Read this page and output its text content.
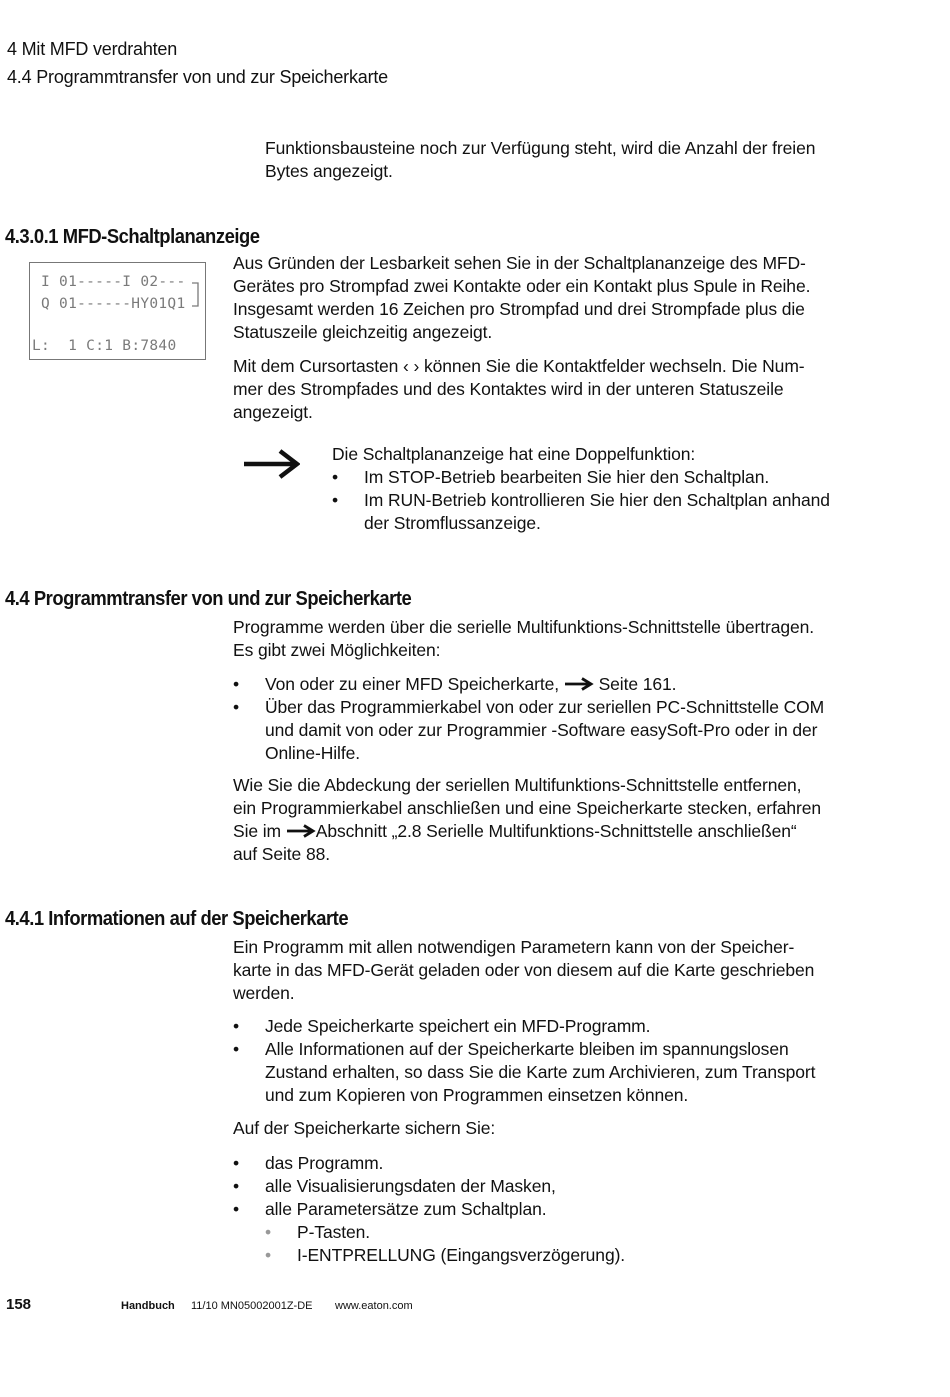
4 Mit MFD verdrahten
4.4 Programmtransfer von und zur Speicherkarte

Funktionsbausteine noch zur Verfügung steht, wird die Anzahl der freien

Bytes angezeigt.

4.3.0.1 MFD-Schaltplananzeige
I 01-----I 02---
Q 01------HY01Q1
L:  1 C:1 B:7840

Aus Gründen der Lesbarkeit sehen Sie in der Schaltplananzeige des MFD-

Gerätes pro Strompfad zwei Kontakte oder ein Kontakt plus Spule in Reihe.

Insgesamt werden 16 Zeichen pro Strompfad und drei Strompfade plus die

Statuszeile gleichzeitig angezeigt.

Mit dem Cursortasten ‹ › können Sie die Kontaktfelder wechseln. Die Num-

mer des Strompfades und des Kontaktes wird in der unteren Statuszeile

angezeigt.

Die Schaltplananzeige hat eine Doppelfunktion:

• Im STOP-Betrieb bearbeiten Sie hier den Schaltplan.
• Im RUN-Betrieb kontrollieren Sie hier den Schaltplan anhand
der Stromflussanzeige.
4.4 Programmtransfer von und zur Speicherkarte

Programme werden über die serielle Multifunktions-Schnittstelle übertragen.

Es gibt zwei Möglichkeiten:

• Von oder zu einer MFD Speicherkarte, Seite 161.
• Über das Programmierkabel von oder zur seriellen PC-Schnittstelle COM
und damit von oder zur Programmier -Software easySoft-Pro oder in der
Online-Hilfe.

Wie Sie die Abdeckung der seriellen Multifunktions-Schnittstelle entfernen,

ein Programmierkabel anschließen und eine Speicherkarte stecken, erfahren

Sie im Abschnitt „2.8 Serielle Multifunktions-Schnittstelle anschließen“

auf Seite 88.

4.4.1 Informationen auf der Speicherkarte

Ein Programm mit allen notwendigen Parametern kann von der Speicher-

karte in das MFD-Gerät geladen oder von diesem auf die Karte geschrieben

werden.

• Jede Speicherkarte speichert ein MFD-Programm.
• Alle Informationen auf der Speicherkarte bleiben im spannungslosen
Zustand erhalten, so dass Sie die Karte zum Archivieren, zum Transport
und zum Kopieren von Programmen einsetzen können.
Auf der Speicherkarte sichern Sie:
• das Programm.
• alle Visualisierungsdaten der Masken,
• alle Parametersätze zum Schaltplan.
• P-Tasten.
• I-ENTPRELLUNG (Eingangsverzögerung).
158	Handbuch 11/10 MN05002001Z-DE www.eaton.com
